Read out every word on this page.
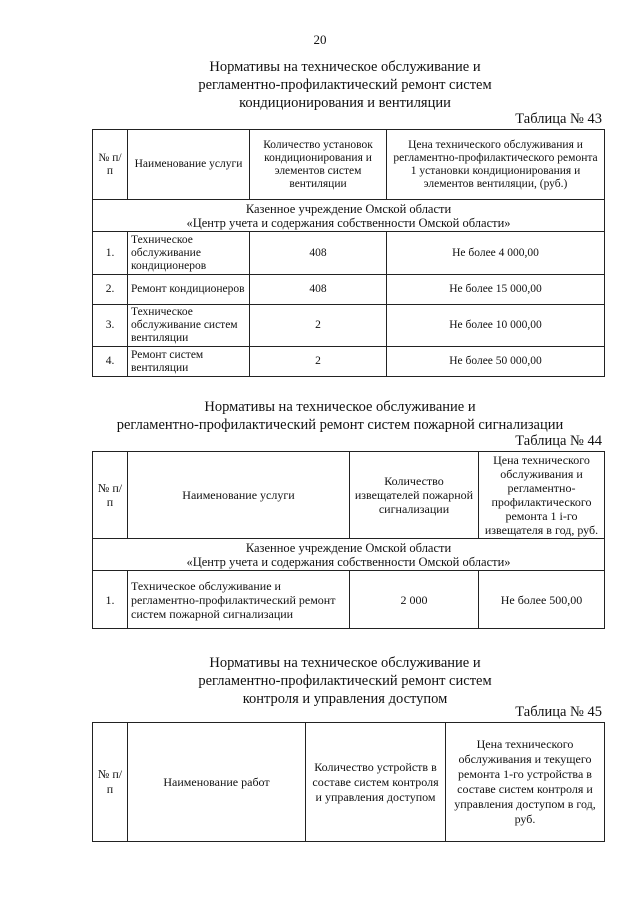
20
Нормативы на техническое обслуживание и
регламентно-профилактический ремонт систем
кондиционирования и вентиляции
Таблица № 43
№ п/п	Наименование услуги	Количество установок кондиционирования и элементов систем вентиляции	Цена технического обслуживания и регламентно-профилактического ремонта 1 установки кондиционирования и элементов вентиляции, (руб.)

Казенное учреждение Омской области
«Центр учета и содержания собственности Омской области»			

1.	Техническое обслуживание кондиционеров	408	Не более 4 000,00
2.	Ремонт кондиционеров	408	Не более 15 000,00
3.	Техническое обслуживание систем вентиляции	2	Не более 10 000,00
4.	Ремонт систем вентиляции	2	Не более 50 000,00
Нормативы на техническое обслуживание и
регламентно-профилактический ремонт систем пожарной сигнализации
Таблица № 44
№ п/п	Наименование услуги	Количество извещателей пожарной сигнализации	Цена технического обслуживания и регламентно-профилактического ремонта 1 i-го извещателя в год, руб.

Казенное учреждение Омской области
«Центр учета и содержания собственности Омской области»			

1.	Техническое обслуживание и регламентно-профилактический ремонт систем пожарной сигнализации	2 000	Не более 500,00
Нормативы на техническое обслуживание и
регламентно-профилактический ремонт систем
контроля и управления доступом
Таблица № 45
№ п/п	Наименование работ	Количество устройств в составе систем контроля и управления доступом	Цена технического обслуживания и текущего ремонта 1-го устройства в составе систем контроля и управления доступом в год, руб.
